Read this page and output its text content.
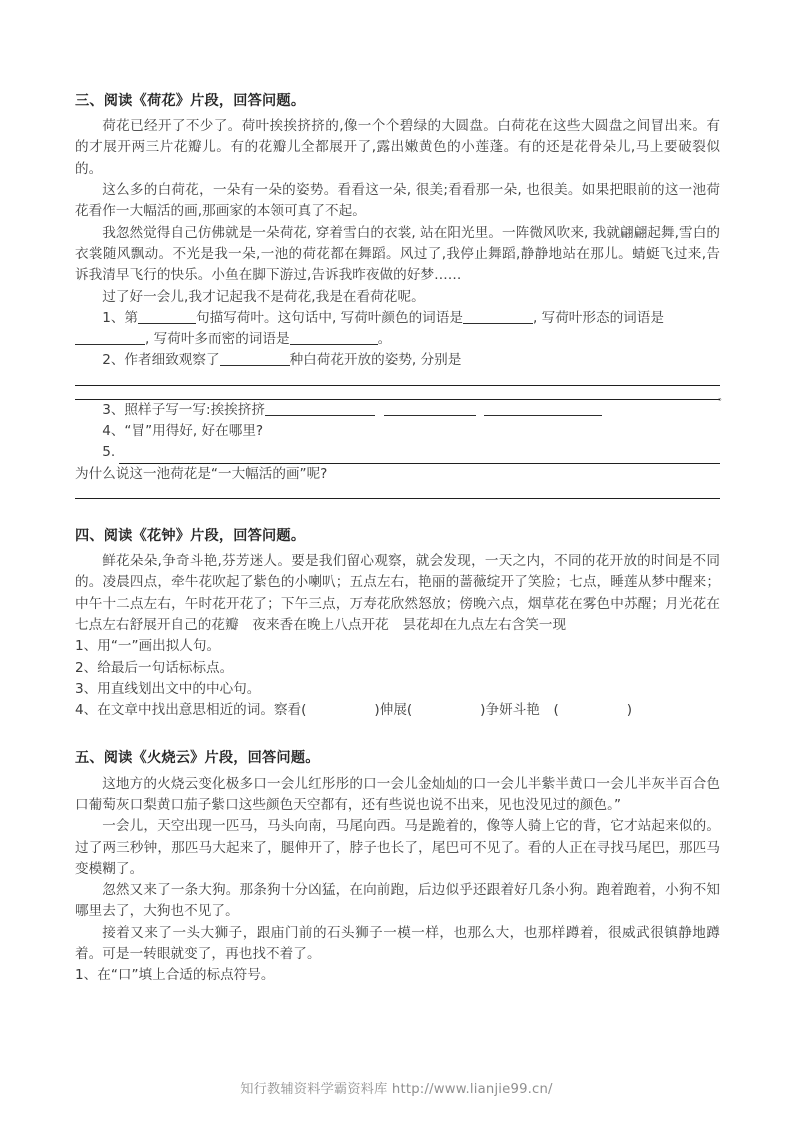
三、阅读《荷花》片段，回答问题。

荷花已经开了不少了。荷叶挨挨挤挤的,像一个个碧绿的大圆盘。白荷花在这些大圆盘之间冒出来。有的才展开两三片花瓣儿。有的花瓣儿全都展开了,露出嫩黄色的小莲蓬。有的还是花骨朵儿,马上要破裂似的。

这么多的白荷花，一朵有一朵的姿势。看看这一朵, 很美;看看那一朵, 也很美。如果把眼前的这一池荷花看作一大幅活的画,那画家的本领可真了不起。

我忽然觉得自己仿佛就是一朵荷花, 穿着雪白的衣裳, 站在阳光里。一阵微风吹来, 我就翩翩起舞,雪白的衣裳随风飘动。不光是我一朵,一池的荷花都在舞蹈。风过了,我停止舞蹈,静静地站在那儿。蜻蜓飞过来,告诉我清早飞行的快乐。小鱼在脚下游过,告诉我昨夜做的好梦……

过了好一会儿,我才记起我不是荷花,我是在看荷花呢。

1、第	句描写荷叶。这句话中, 写荷叶颜色的词语是	, 写荷叶形态的词语是
, 写荷叶多而密的词语是	。
2、作者细致观察了	种白荷花开放的姿势, 分别是
。
3、照样子写一写:挨挨挤挤
4、“冒”用得好, 好在哪里?
5.
为什么说这一池荷花是“一大幅活的画”呢?
四、阅读《花钟》片段，回答问题。

鲜花朵朵,争奇斗艳,芬芳迷人。要是我们留心观察，就会发现，一天之内，不同的花开放的时间是不同的。凌晨四点，牵牛花吹起了紫色的小喇叭；五点左右，艳丽的蔷薇绽开了笑脸；七点，睡莲从梦中醒来；中午十二点左右，午时花开花了；下午三点，万寿花欣然怒放；傍晚六点，烟草花在雾色中苏醒；月光花在七点左右舒展开自己的花瓣　夜来香在晚上八点开花　昙花却在九点左右含笑一现

1、用“一”画出拟人句。
2、给最后一句话标标点。
3、用直线划出文中的中心句。
4、在文章中找出意思相近的词。察看(　　　　　)伸展(　　　　　)争妍斗艳　(　　　　　)
五、阅读《火烧云》片段，回答问题。

这地方的火烧云变化极多口一会儿红彤彤的口一会儿金灿灿的口一会儿半紫半黄口一会儿半灰半百合色口葡萄灰口梨黄口茄子紫口这些颜色天空都有，还有些说也说不出来，见也没见过的颜色。”

一会儿，天空出现一匹马，马头向南，马尾向西。马是跪着的，像等人骑上它的背，它才站起来似的。过了两三秒钟，那匹马大起来了，腿伸开了，脖子也长了，尾巴可不见了。看的人正在寻找马尾巴，那匹马变模糊了。

忽然又来了一条大狗。那条狗十分凶猛，在向前跑，后边似乎还跟着好几条小狗。跑着跑着，小狗不知哪里去了，大狗也不见了。

接着又来了一头大狮子，跟庙门前的石头狮子一模一样，也那么大，也那样蹲着，很威武很镇静地蹲着。可是一转眼就变了，再也找不着了。

1、在“口”填上合适的标点符号。
知行教辅资料学霸资料库 http://www.lianjie99.cn/
